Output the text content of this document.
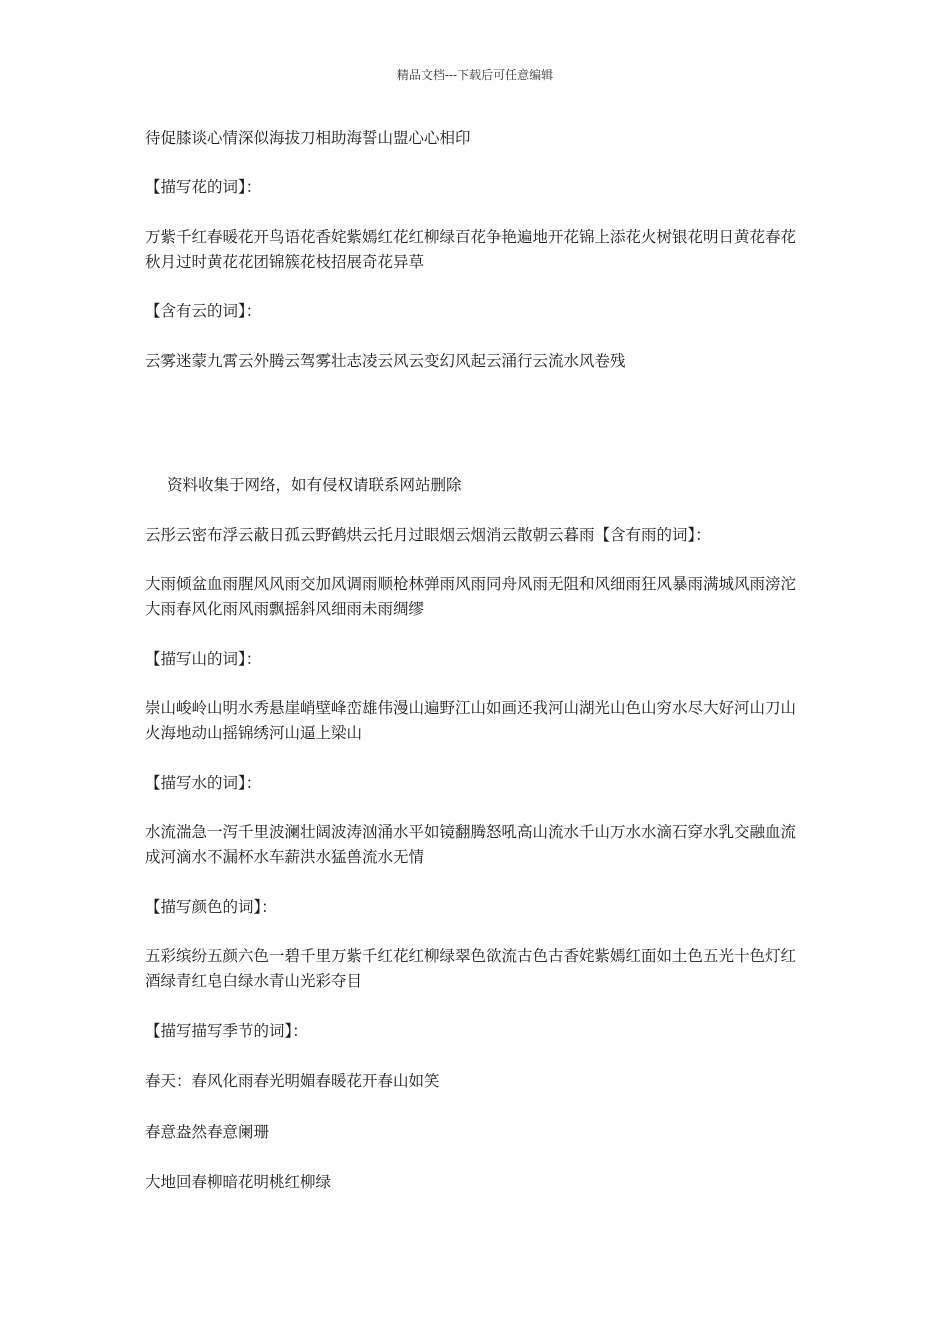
精品文档---下载后可任意编辑
待促膝谈心情深似海拔刀相助海誓山盟心心相印
【描写花的词】：
万紫千红春暖花开鸟语花香姹紫嫣红花红柳绿百花争艳遍地开花锦上添花火树银花明日黄花春花秋月过时黄花花团锦簇花枝招展奇花异草
【含有云的词】：
云雾迷蒙九霄云外腾云驾雾壮志凌云风云变幻风起云涌行云流水风卷残
资料收集于网络，如有侵权请联系网站删除
云彤云密布浮云蔽日孤云野鹤烘云托月过眼烟云烟消云散朝云暮雨【含有雨的词】：
大雨倾盆血雨腥风风雨交加风调雨顺枪林弹雨风雨同舟风雨无阻和风细雨狂风暴雨满城风雨滂沱大雨春风化雨风雨飘摇斜风细雨未雨绸缪
【描写山的词】：
崇山峻岭山明水秀悬崖峭壁峰峦雄伟漫山遍野江山如画还我河山湖光山色山穷水尽大好河山刀山火海地动山摇锦绣河山逼上梁山
【描写水的词】：
水流湍急一泻千里波澜壮阔波涛汹涌水平如镜翻腾怒吼高山流水千山万水水滴石穿水乳交融血流成河滴水不漏杯水车薪洪水猛兽流水无情
【描写颜色的词】：
五彩缤纷五颜六色一碧千里万紫千红花红柳绿翠色欲流古色古香姹紫嫣红面如土色五光十色灯红酒绿青红皂白绿水青山光彩夺目
【描写描写季节的词】：
春天：春风化雨春光明媚春暖花开春山如笑
春意盎然春意阑珊
大地回春柳暗花明桃红柳绿
